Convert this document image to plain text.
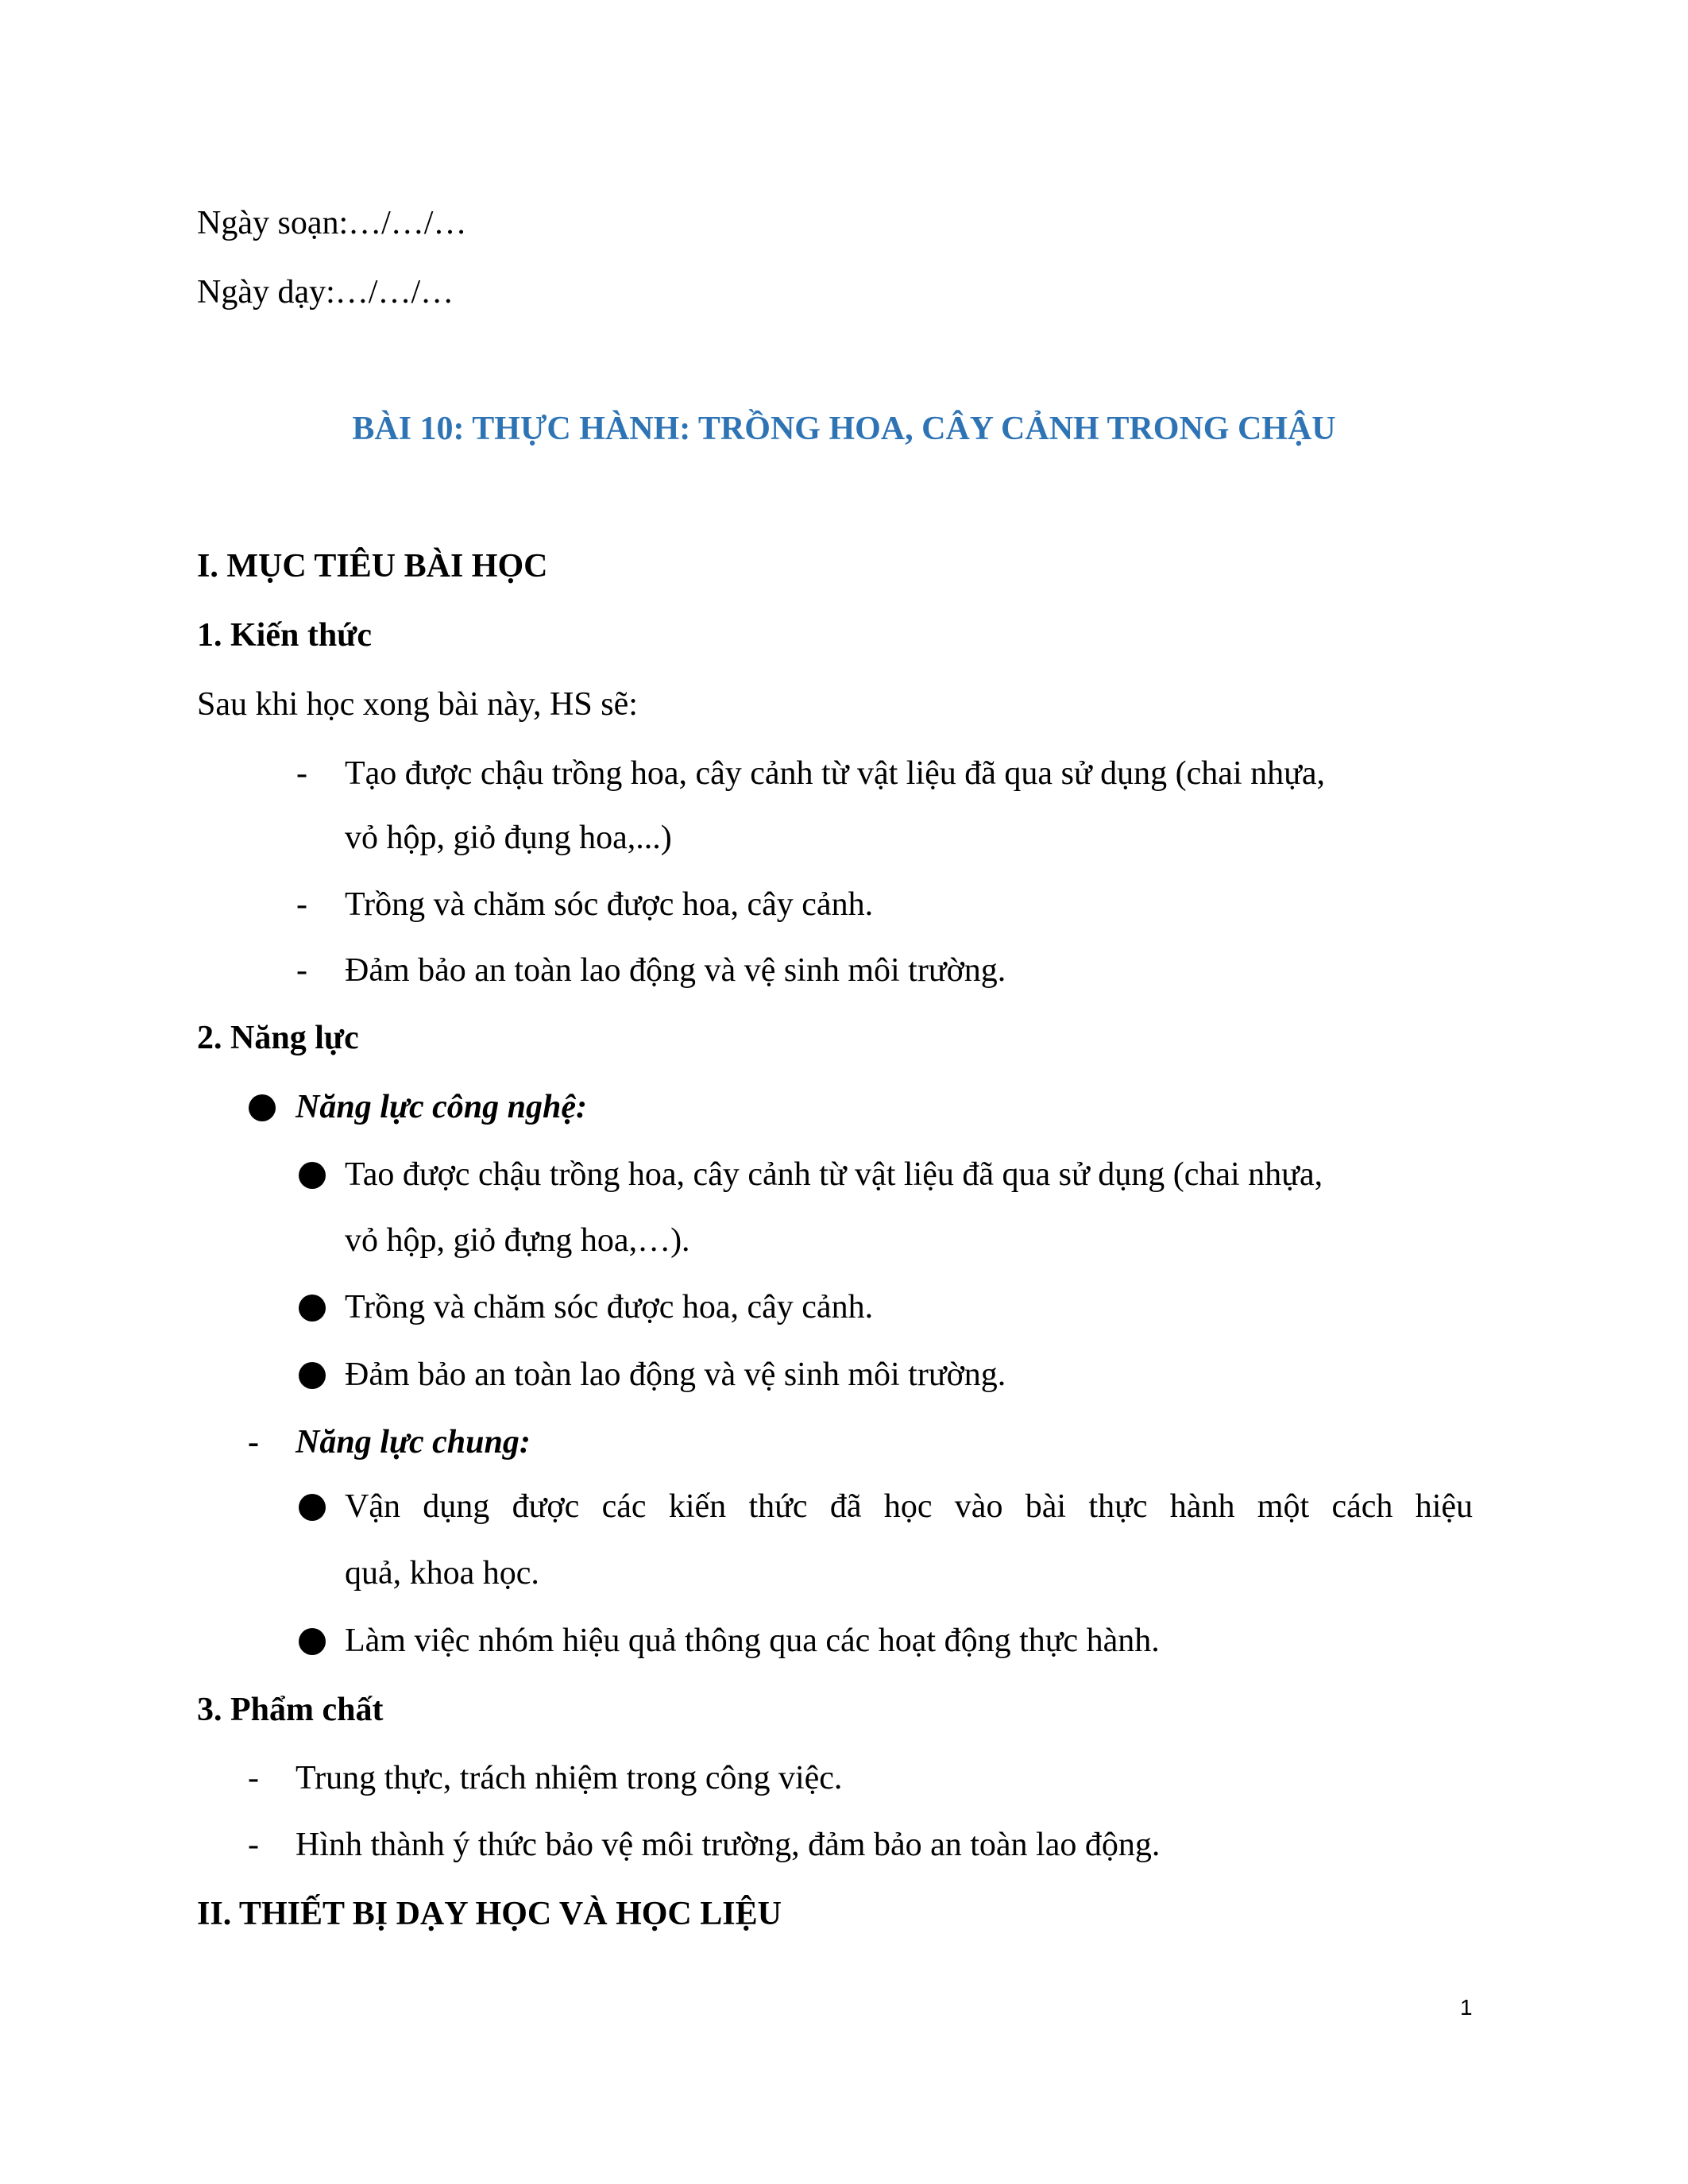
Ngày soạn:…/…/…
Ngày dạy:…/…/…
BÀI 10: THỰC HÀNH: TRỒNG HOA, CÂY CẢNH TRONG CHẬU
I. MỤC TIÊU BÀI HỌC
1. Kiến thức
Sau khi học xong bài này, HS sẽ:
- Tạo được chậu trồng hoa, cây cảnh từ vật liệu đã qua sử dụng (chai nhựa,
vỏ hộp, giỏ đụng hoa,...)
- Trồng và chăm sóc được hoa, cây cảnh.
- Đảm bảo an toàn lao động và vệ sinh môi trường.
2. Năng lực
Năng lực công nghệ:
Tao được chậu trồng hoa, cây cảnh từ vật liệu đã qua sử dụng (chai nhựa,
vỏ hộp, giỏ đựng hoa,…).
Trồng và chăm sóc được hoa, cây cảnh.
Đảm bảo an toàn lao động và vệ sinh môi trường.
- Năng lực chung:
Vận dụng được các kiến thức đã học vào bài thực hành một cách hiệu
quả, khoa học.
Làm việc nhóm hiệu quả thông qua các hoạt động thực hành.
3. Phẩm chất
- Trung thực, trách nhiệm trong công việc.
- Hình thành ý thức bảo vệ môi trường, đảm bảo an toàn lao động.
II. THIẾT BỊ DẠY HỌC VÀ HỌC LIỆU
1
